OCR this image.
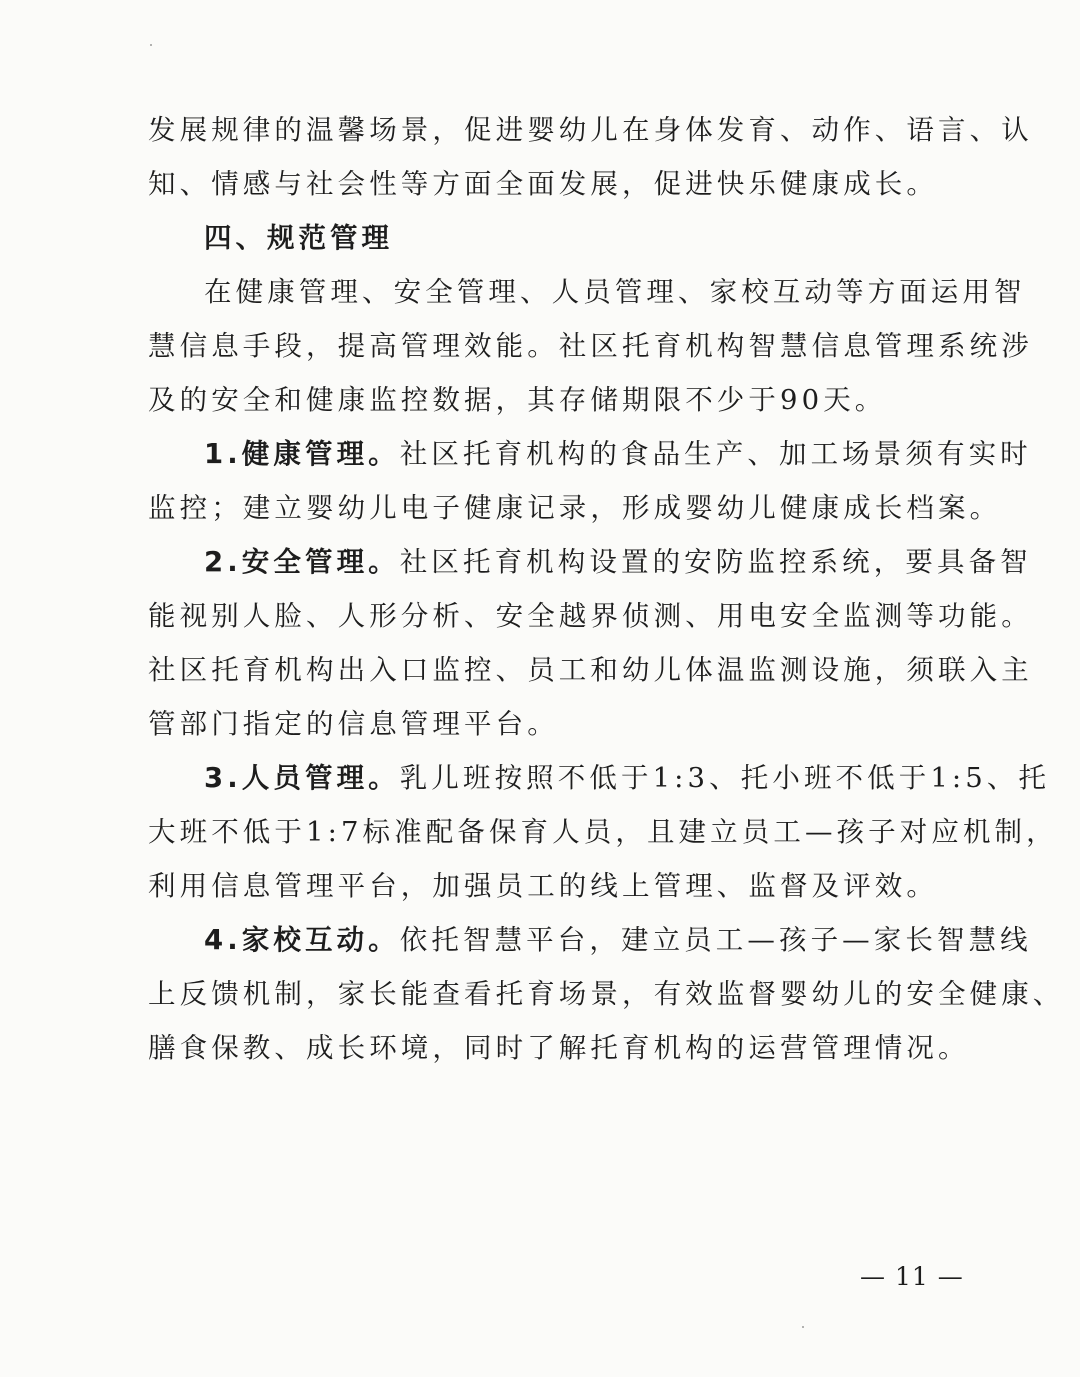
发展规律的温馨场景，促进婴幼儿在身体发育、动作、语言、认
知、情感与社会性等方面全面发展，促进快乐健康成长。
四、规范管理
在健康管理、安全管理、人员管理、家校互动等方面运用智
慧信息手段，提高管理效能。社区托育机构智慧信息管理系统涉
及的安全和健康监控数据，其存储期限不少于90天。
1.健康管理。社区托育机构的食品生产、加工场景须有实时
监控；建立婴幼儿电子健康记录，形成婴幼儿健康成长档案。
2.安全管理。社区托育机构设置的安防监控系统，要具备智
能视别人脸、人形分析、安全越界侦测、用电安全监测等功能。
社区托育机构出入口监控、员工和幼儿体温监测设施，须联入主
管部门指定的信息管理平台。
3.人员管理。乳儿班按照不低于1:3、托小班不低于1:5、托
大班不低于1:7标准配备保育人员，且建立员工—孩子对应机制，
利用信息管理平台，加强员工的线上管理、监督及评效。
4.家校互动。依托智慧平台，建立员工—孩子—家长智慧线
上反馈机制，家长能查看托育场景，有效监督婴幼儿的安全健康、
膳食保教、成长环境，同时了解托育机构的运营管理情况。
— 11 —
